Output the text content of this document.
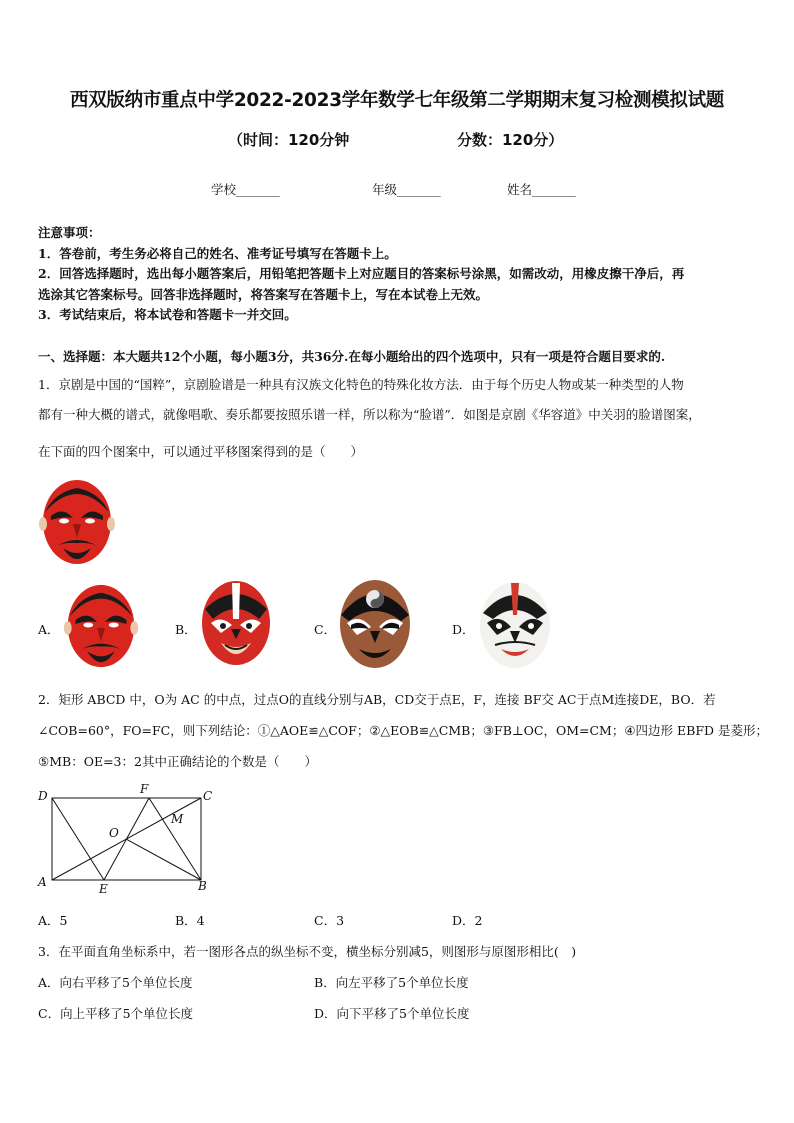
西双版纳市重点中学2022-2023学年数学七年级第二学期期末复习检测模拟试题
（时间：120分钟	分数：120分）
学校_______	年级_______	姓名_______
注意事项：
1．答卷前，考生务必将自己的姓名、准考证号填写在答题卡上。
2．回答选择题时，选出每小题答案后，用铅笔把答题卡上对应题目的答案标号涂黑，如需改动，用橡皮擦干净后，再
选涂其它答案标号。回答非选择题时，将答案写在答题卡上，写在本试卷上无效。
3．考试结束后，将本试卷和答题卡一并交回。
一、选择题：本大题共12个小题，每小题3分，共36分.在每小题给出的四个选项中，只有一项是符合题目要求的.
1．京剧是中国的“国粹”，京剧脸谱是一种具有汉族文化特色的特殊化妆方法．由于每个历史人物或某一种类型的人物
都有一种大概的谱式，就像唱歌、奏乐都要按照乐谱一样，所以称为“脸谱”．如图是京剧《华容道》中关羽的脸谱图案，
在下面的四个图案中，可以通过平移图案得到的是（　　）
A．	B．	C．	D．
2．矩形 ABCD 中，O为 AC 的中点，过点O的直线分别与AB，CD交于点E，F，连接 BF交 AC于点M连接DE，BO．若
∠COB=60°，FO=FC，则下列结论：①△AOE≌△COF；②△EOB≌△CMB；③FB⊥OC，OM=CM；④四边形 EBFD 是菱形；
⑤MB：OE=3：2其中正确结论的个数是（　　）
D	F	C
O
M
A	E	B
A．5	B．4	C．3	D．2
3．在平面直角坐标系中，若一图形各点的纵坐标不变，横坐标分别减5，则图形与原图形相比(　)
A．向右平移了5个单位长度	B．向左平移了5个单位长度
C．向上平移了5个单位长度	D．向下平移了5个单位长度
